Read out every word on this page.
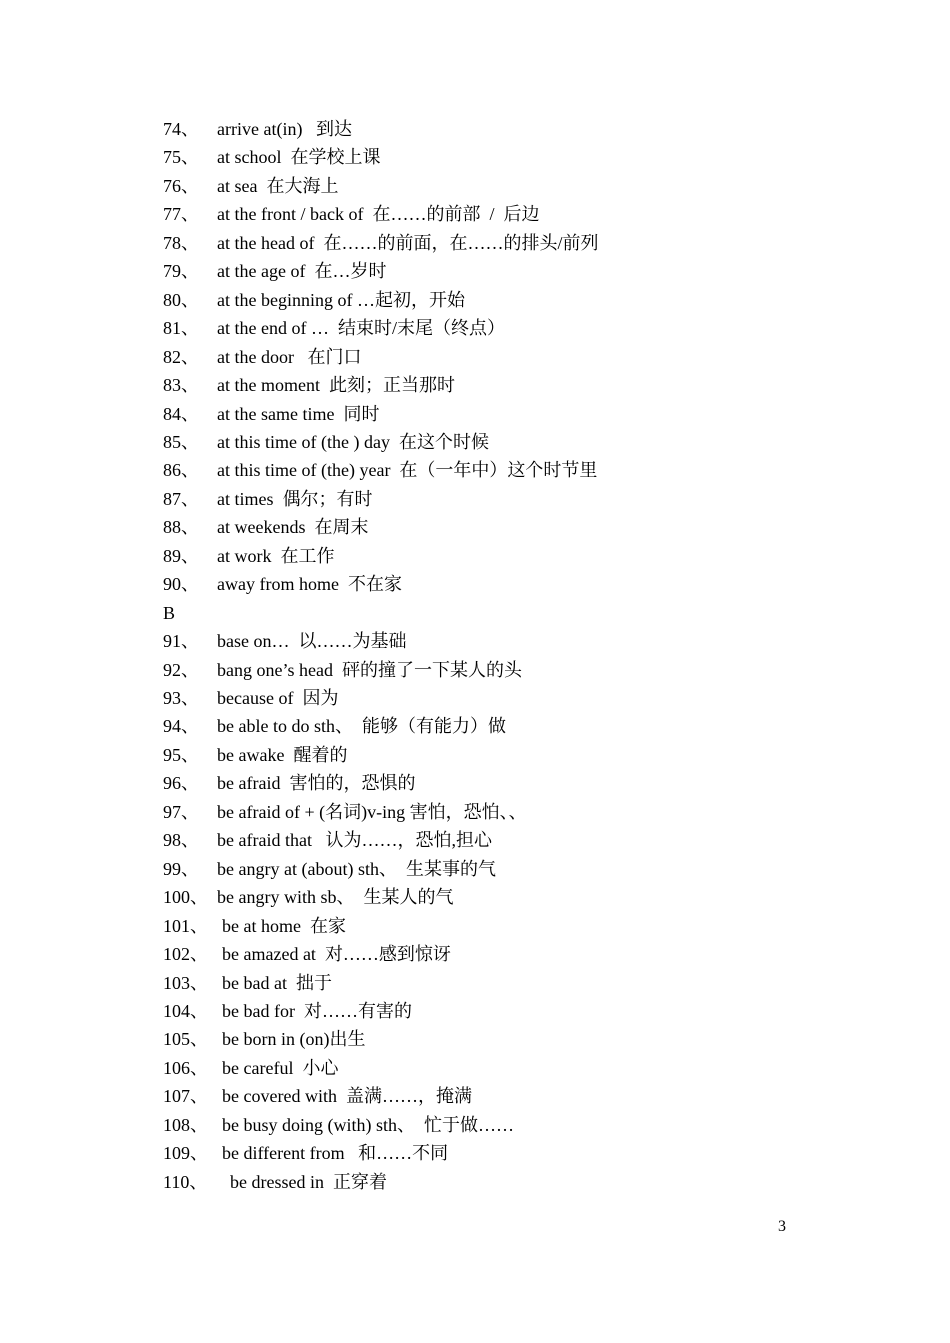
74、 arrive at(in)   到达
75、 at school  在学校上课
76、 at sea  在大海上
77、 at the front / back of  在……的前部  /  后边
78、 at the head of  在……的前面，在……的排头/前列
79、 at the age of  在…岁时
80、 at the beginning of …起初，开始
81、 at the end of …  结束时/末尾（终点）
82、 at the door   在门口
83、 at the moment  此刻；正当那时
84、 at the same time  同时
85、 at this time of (the ) day  在这个时候
86、 at this time of (the) year  在（一年中）这个时节里
87、 at times  偶尔；有时
88、 at weekends  在周末
89、 at work  在工作
90、 away from home  不在家
B
91、 base on…  以……为基础
92、 bang one’s head  砰的撞了一下某人的头
93、 because of  因为
94、 be able to do sth、  能够（有能力）做
95、 be awake  醒着的
96、 be afraid  害怕的，恐惧的
97、 be afraid of + (名词)v-ing 害怕，恐怕、、
98、 be afraid that   认为……，恐怕,担心
99、 be angry at (about) sth、  生某事的气
100、 be angry with sb、  生某人的气
101、 be at home  在家
102、 be amazed at  对……感到惊讶
103、 be bad at  拙于
104、 be bad for  对……有害的
105、 be born in (on)出生
106、 be careful  小心
107、 be covered with  盖满……，掩满
108、 be busy doing (with) sth、  忙于做……
109、 be different from   和……不同
110、 be dressed in  正穿着
3
